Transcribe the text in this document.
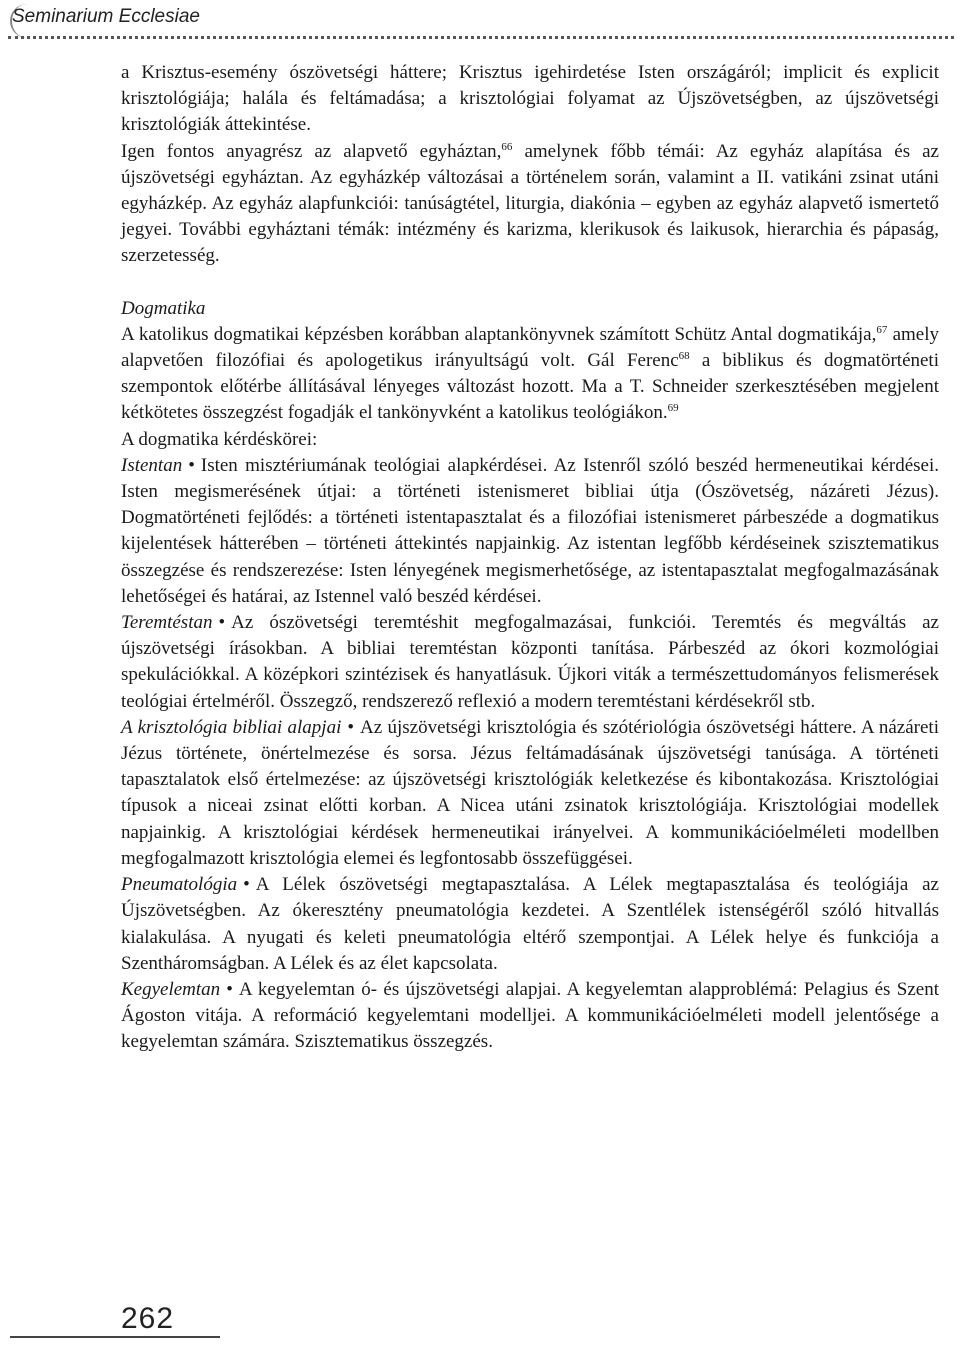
Seminarium Ecclesiae

a Krisztus-esemény ószövetségi háttere; Krisztus igehirdetése Isten országáról; implicit és explicit krisztológiája; halála és feltámadása; a krisztológiai folyamat az Újszövetségben, az újszövetségi krisztológiák áttekintése.

Igen fontos anyagrész az alapvető egyháztan,$^{66}$ amelynek főbb témái: Az egyház alapítása és az újszövetségi egyháztan. Az egyházkép változásai a történelem során, valamint a II. vatikáni zsinat utáni egyházkép. Az egyház alapfunkciói: tanúságtétel, liturgia, diakónia – egyben az egyház alapvető ismertető jegyei. További egyháztani témák: intézmény és karizma, klerikusok és laikusok, hierarchia és pápaság, szerzetesség.

Dogmatika

A katolikus dogmatikai képzésben korábban alaptankönyvnek számított Schütz Antal dogmatikája,$^{67}$ amely alapvetően filozófiai és apologetikus irányultságú volt. Gál Ferenc$^{68}$ a biblikus és dogmatörténeti szempontok előtérbe állításával lényeges változást hozott. Ma a T. Schneider szerkesztésében megjelent kétkötetes összegzést fogadják el tankönyvként a katolikus teológiákon.$^{69}$

A dogmatika kérdéskörei:

Istentan • Isten misztériumának teológiai alapkérdései. Az Istenről szóló beszéd hermeneutikai kérdései. Isten megismerésének útjai: a történeti istenismeret bibliai útja (Ószövetség, názáreti Jézus). Dogmatörténeti fejlődés: a történeti istentapasztalat és a filozófiai istenismeret párbeszéde a dogmatikus kijelentések hátterében – történeti áttekintés napjainkig. Az istentan legfőbb kérdéseinek szisztematikus összegzése és rendszerezése: Isten lényegének megismerhetősége, az istentapasztalat megfogalmazásának lehetőségei és határai, az Istennel való beszéd kérdései.

Teremtéstan • Az ószövetségi teremtéshit megfogalmazásai, funkciói. Teremtés és megváltás az újszövetségi írásokban. A bibliai teremtéstan központi tanítása. Párbeszéd az ókori kozmológiai spekulációkkal. A középkori szintézisek és hanyatlásuk. Újkori viták a természettudományos felismerések teológiai értelméről. Összegző, rendszerező reflexió a modern teremtéstani kérdésekről stb.

A krisztológia bibliai alapjai • Az újszövetségi krisztológia és szótériológia ószövetségi háttere. A názáreti Jézus története, önértelmezése és sorsa. Jézus feltámadásának újszövetségi tanúsága. A történeti tapasztalatok első értelmezése: az újszövetségi krisztológiák keletkezése és kibontakozása. Krisztológiai típusok a niceai zsinat előtti korban. A Nicea utáni zsinatok krisztológiája. Krisztológiai modellek napjainkig. A krisztológiai kérdések hermeneutikai irányelvei. A kommunikációelméleti modellben megfogalmazott krisztológia elemei és legfontosabb összefüggései.

Pneumatológia • A Lélek ószövetségi megtapasztalása. A Lélek megtapasztalása és teológiája az Újszövetségben. Az ókeresztény pneumatológia kezdetei. A Szentlélek istenségéről szóló hitvallás kialakulása. A nyugati és keleti pneumatológia eltérő szempontjai. A Lélek helye és funkciója a Szentháromságban. A Lélek és az élet kapcsolata.

Kegyelemtan • A kegyelemtan ó- és újszövetségi alapjai. A kegyelemtan alapproblémá: Pelagius és Szent Ágoston vitája. A reformáció kegyelemtani modelljei. A kommunikációelméleti modell jelentősége a kegyelemtan számára. Szisztematikus összegzés.

262
